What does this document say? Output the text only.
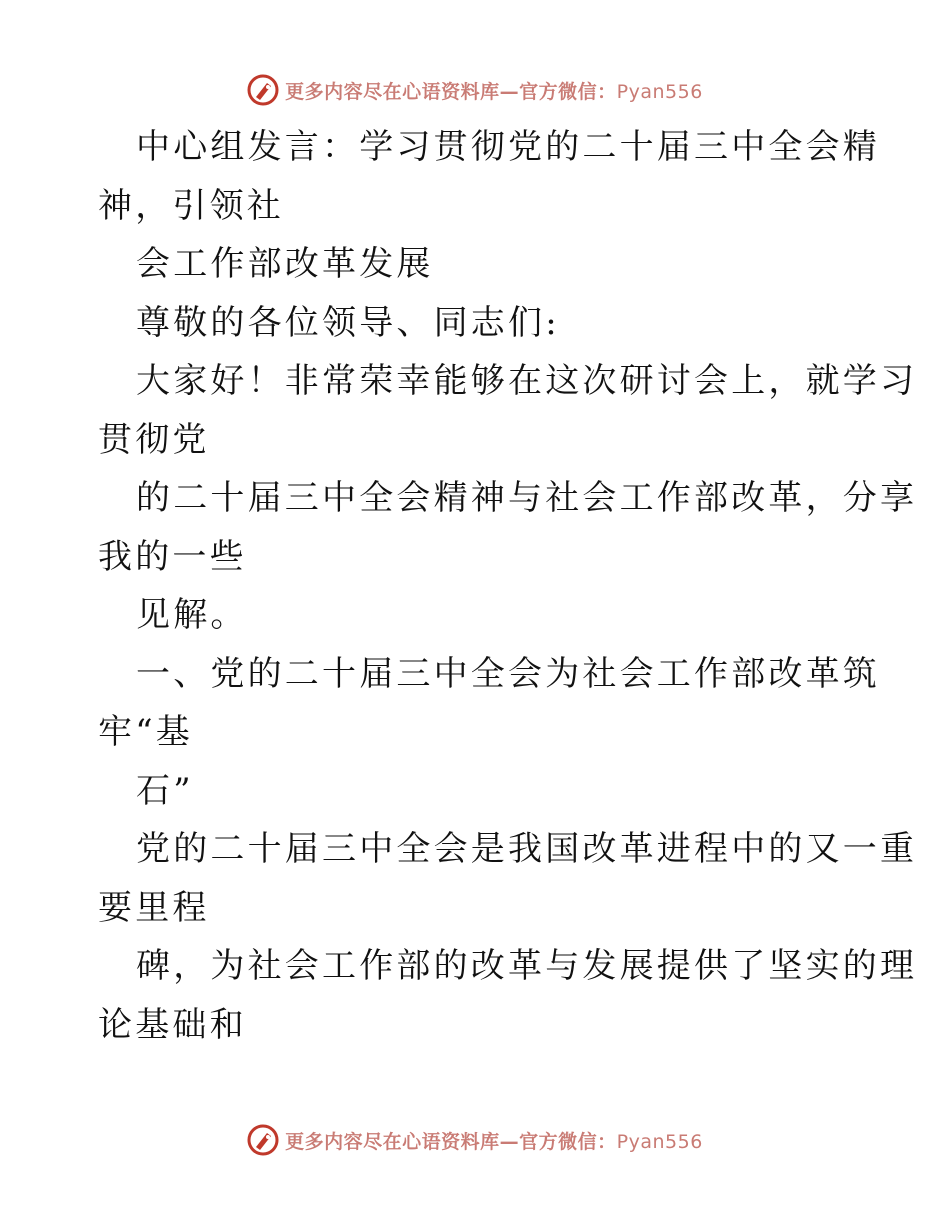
更多内容尽在心语资料库—官方微信：Pyan556
中心组发言：学习贯彻党的二十届三中全会精
神，引领社
会工作部改革发展
尊敬的各位领导、同志们:
大家好！非常荣幸能够在这次研讨会上，就学习
贯彻党
的二十届三中全会精神与社会工作部改革，分享
我的一些
见解。
一、党的二十届三中全会为社会工作部改革筑
牢“基
石”
党的二十届三中全会是我国改革进程中的又一重
要里程
碑，为社会工作部的改革与发展提供了坚实的理
论基础和
更多内容尽在心语资料库—官方微信：Pyan556
